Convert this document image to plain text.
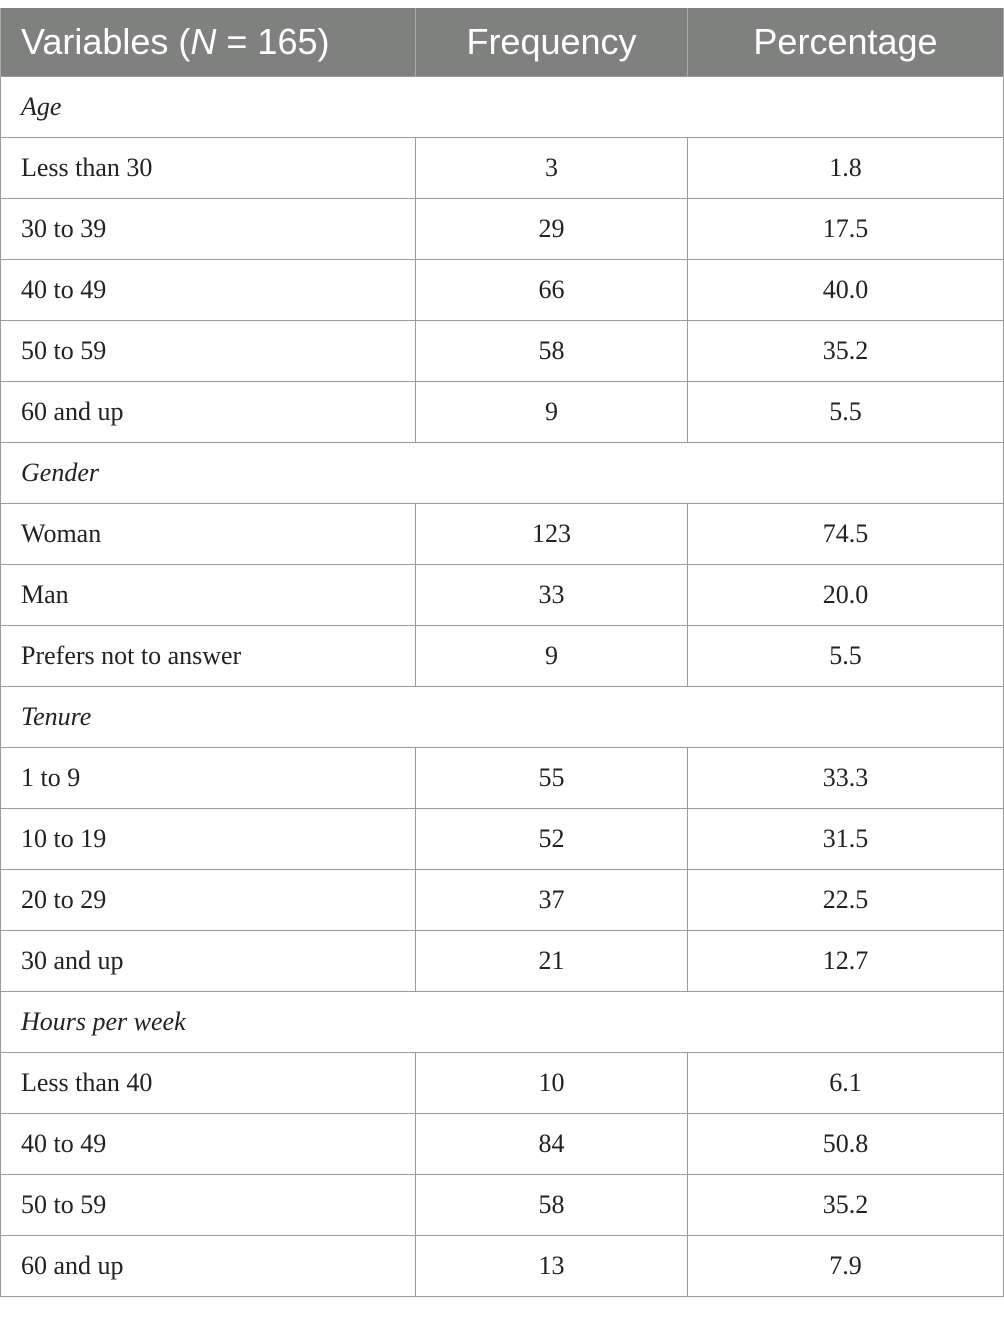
Variables (N = 165)	Frequency	Percentage
Age		
Less than 30	3	1.8
30 to 39	29	17.5
40 to 49	66	40.0
50 to 59	58	35.2
60 and up	9	5.5
Gender		
Woman	123	74.5
Man	33	20.0
Prefers not to answer	9	5.5
Tenure		
1 to 9	55	33.3
10 to 19	52	31.5
20 to 29	37	22.5
30 and up	21	12.7
Hours per week		
Less than 40	10	6.1
40 to 49	84	50.8
50 to 59	58	35.2
60 and up	13	7.9
